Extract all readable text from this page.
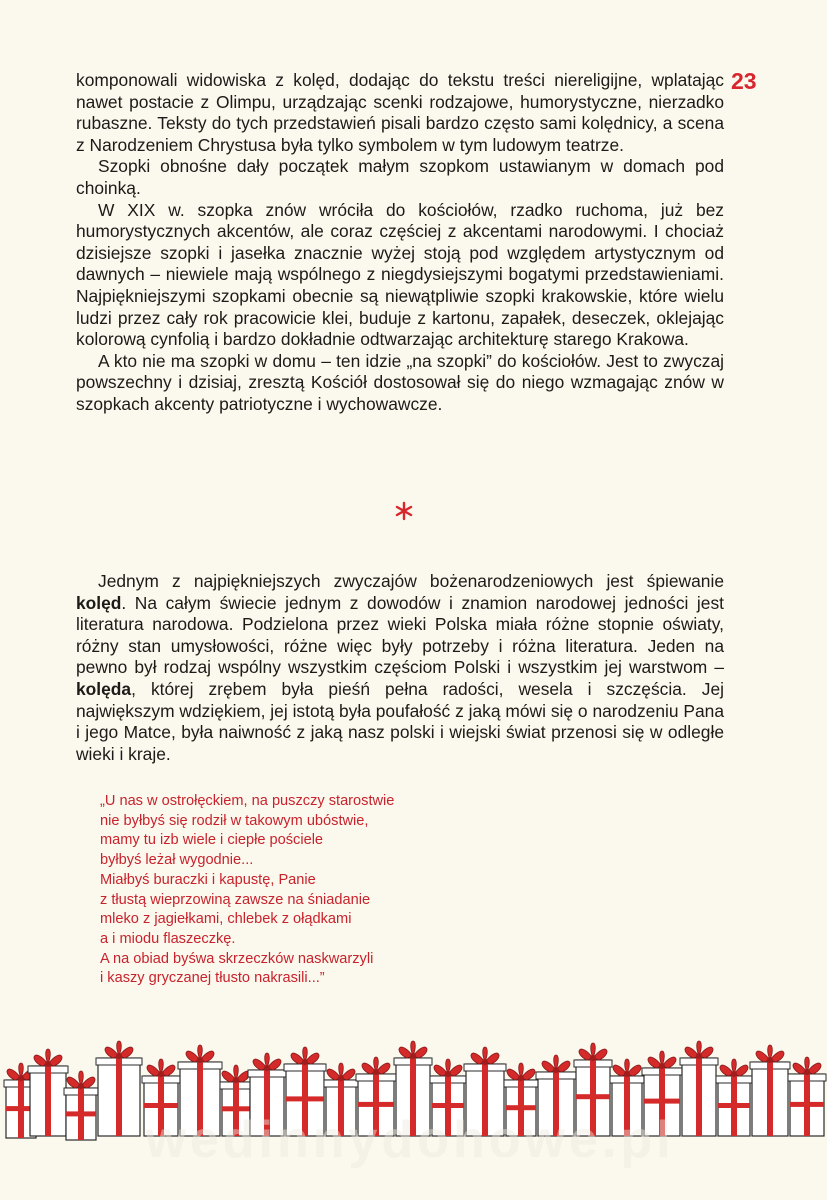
23

komponowali widowiska z kolęd, dodając do tekstu treści niereligijne, wplatając nawet postacie z Olimpu, urządzając scenki rodzajowe, humorystyczne, nierzadko rubaszne. Teksty do tych przedstawień pisali bardzo często sami kolędnicy, a scena z Narodzeniem Chrystusa była tylko symbolem w tym ludowym teatrze.

Szopki obnośne dały początek małym szopkom ustawianym w domach pod choinką.

W XIX w. szopka znów wróciła do kościołów, rzadko ruchoma, już bez humorystycznych akcentów, ale coraz częściej z akcentami narodowymi. I chociaż dzisiejsze szopki i jasełka znacznie wyżej stoją pod względem artystycznym od dawnych – niewiele mają wspólnego z niegdysiejszymi bogatymi przedstawieniami. Najpiękniejszymi szopkami obecnie są niewątpliwie szopki krakowskie, które wielu ludzi przez cały rok pracowicie klei, buduje z kartonu, zapałek, deseczek, oklejając kolorową cynfolią i bardzo dokładnie odtwarzając architekturę starego Krakowa.

A kto nie ma szopki w domu – ten idzie „na szopki” do kościołów. Jest to zwyczaj powszechny i dzisiaj, zresztą Kościół dostosował się do niego wzmagając znów w szopkach akcenty patriotyczne i wychowawcze.

Jednym z najpiękniejszych zwyczajów bożenarodzeniowych jest śpiewanie kolęd. Na całym świecie jednym z dowodów i znamion narodowej jedności jest literatura narodowa. Podzielona przez wieki Polska miała różne stopnie oświaty, różny stan umysłowości, różne więc były potrzeby i różna literatura. Jeden na pewno był rodzaj wspólny wszystkim częściom Polski i wszystkim jej warstwom – kolęda, której zrębem była pieśń pełna radości, wesela i szczęścia. Jej największym wdziękiem, jej istotą była poufałość z jaką mówi się o narodzeniu Pana i jego Matce, była naiwność z jaką nasz polski i wiejski świat przenosi się w odległe wieki i kraje.

„U nas w ostrołęckiem, na puszczy starostwie
nie byłbyś się rodził w takowym ubóstwie,
mamy tu izb wiele i ciepłe pościele
byłbyś leżał wygodnie...
Miałbyś buraczki i kapustę, Panie
z tłustą wieprzowiną zawsze na śniadanie
mleko z jagiełkami, chlebek z ołądkami
a i miodu flaszeczkę.
A na obiad byśwa skrzeczków naskwarzyli
i kaszy gryczanej tłusto nakrasili...”
wedinnydohowe.pl
